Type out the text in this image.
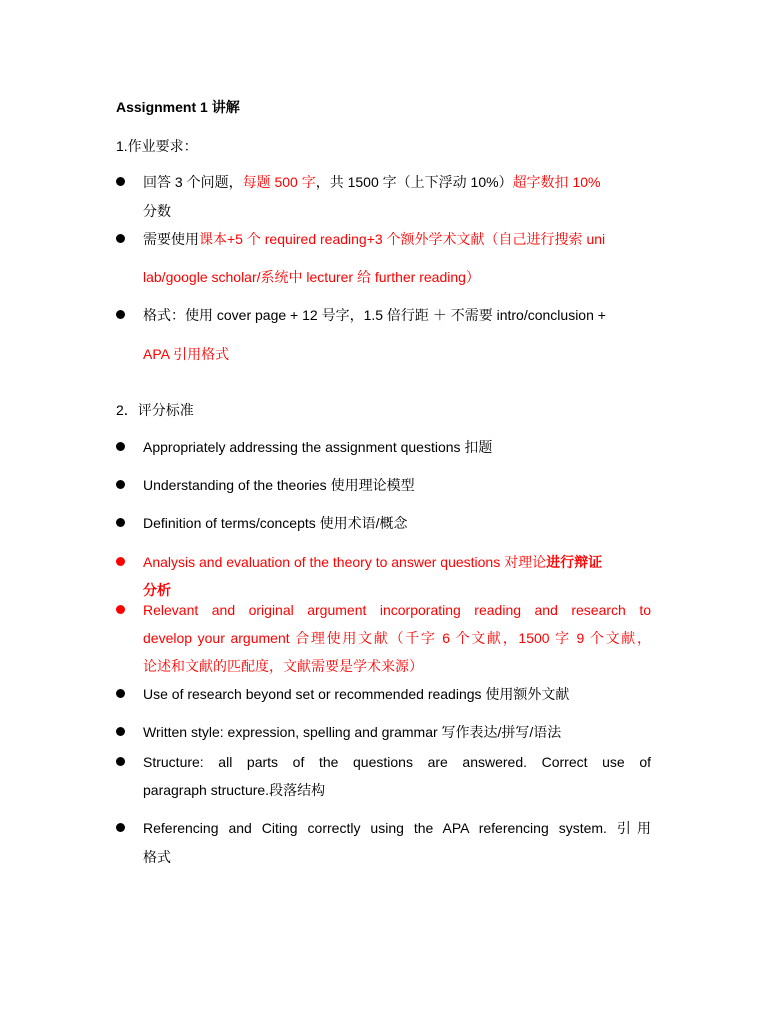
Assignment 1 讲解
1.作业要求：
回答 3 个问题，每题 500 字，共 1500 字（上下浮动 10%）超字数扣 10%
分数
需要使用课本+5 个 required reading+3 个额外学术文献（自己进行搜索 uni
lab/google scholar/系统中 lecturer 给 further reading）
格式：使用 cover page + 12 号字，1.5 倍行距 ＋ 不需要 intro/conclusion +
APA 引用格式
2．评分标准
Appropriately addressing the assignment questions 扣题
Understanding of the theories 使用理论模型
Definition of terms/concepts 使用术语/概念
Analysis and evaluation of the theory to answer questions 对理论进行辩证
分析
Relevant and original argument incorporating reading and research to
develop your argument 合理使用文献（千字 6 个文献，1500 字 9 个文献，
论述和文献的匹配度，文献需要是学术来源）
Use of research beyond set or recommended readings 使用额外文献
Written style: expression, spelling and grammar 写作表达/拼写/语法
Structure: all parts of the questions are answered. Correct use of
paragraph structure.段落结构
Referencing and Citing correctly using the APA referencing system. 引用
格式
